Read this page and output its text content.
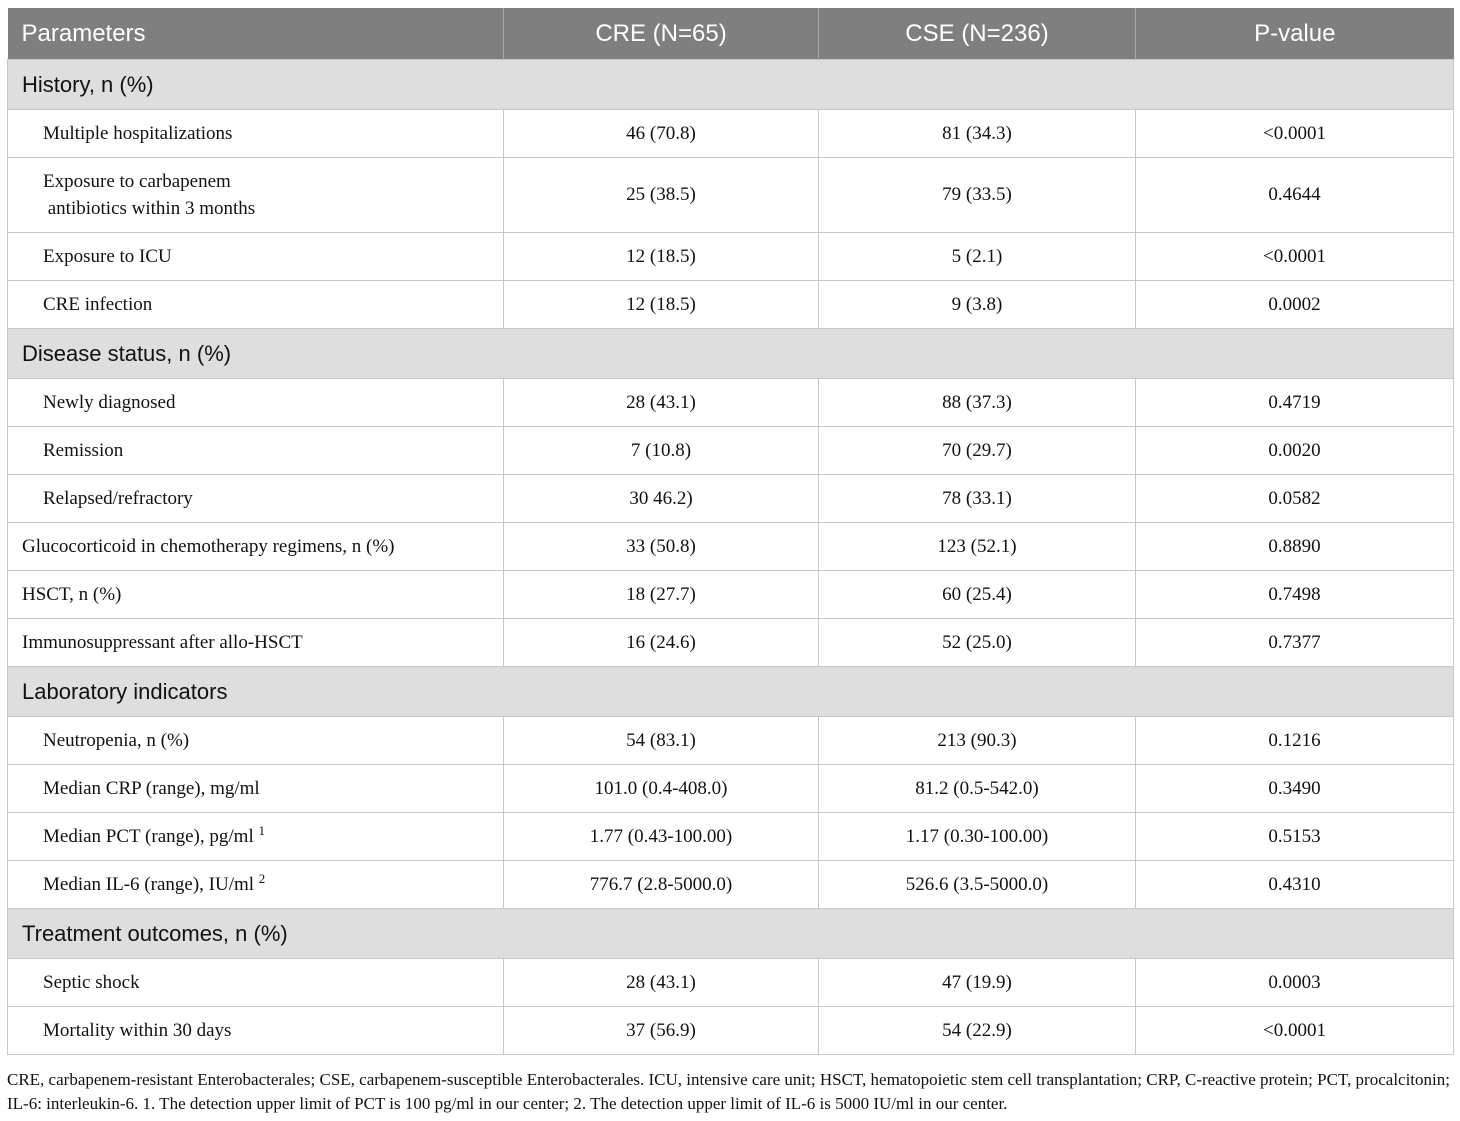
Parameters	CRE (N=65)	CSE (N=236)	P-value
History, n (%)			
Multiple hospitalizations	46 (70.8)	81 (34.3)	<0.0001
Exposure to carbapenem
antibiotics within 3 months	25 (38.5)	79 (33.5)	0.4644
Exposure to ICU	12 (18.5)	5 (2.1)	<0.0001
CRE infection	12 (18.5)	9 (3.8)	0.0002
Disease status, n (%)			
Newly diagnosed	28 (43.1)	88 (37.3)	0.4719
Remission	7 (10.8)	70 (29.7)	0.0020
Relapsed/refractory	30 46.2)	78 (33.1)	0.0582
Glucocorticoid in chemotherapy regimens, n (%)	33 (50.8)	123 (52.1)	0.8890
HSCT, n (%)	18 (27.7)	60 (25.4)	0.7498
Immunosuppressant after allo-HSCT	16 (24.6)	52 (25.0)	0.7377
Laboratory indicators			
Neutropenia, n (%)	54 (83.1)	213 (90.3)	0.1216
Median CRP (range), mg/ml	101.0 (0.4-408.0)	81.2 (0.5-542.0)	0.3490
Median PCT (range), pg/ml $^1$	1.77 (0.43-100.00)	1.17 (0.30-100.00)	0.5153
Median IL-6 (range), IU/ml $^2$	776.7 (2.8-5000.0)	526.6 (3.5-5000.0)	0.4310
Treatment outcomes, n (%)			
Septic shock	28 (43.1)	47 (19.9)	0.0003
Mortality within 30 days	37 (56.9)	54 (22.9)	<0.0001
CRE, carbapenem-resistant Enterobacterales; CSE, carbapenem-susceptible Enterobacterales. ICU, intensive care unit; HSCT, hematopoietic stem cell transplantation; CRP, C-reactive protein; PCT, procalcitonin; IL-6: interleukin-6. 1. The detection upper limit of PCT is 100 pg/ml in our center; 2. The detection upper limit of IL-6 is 5000 IU/ml in our center.
